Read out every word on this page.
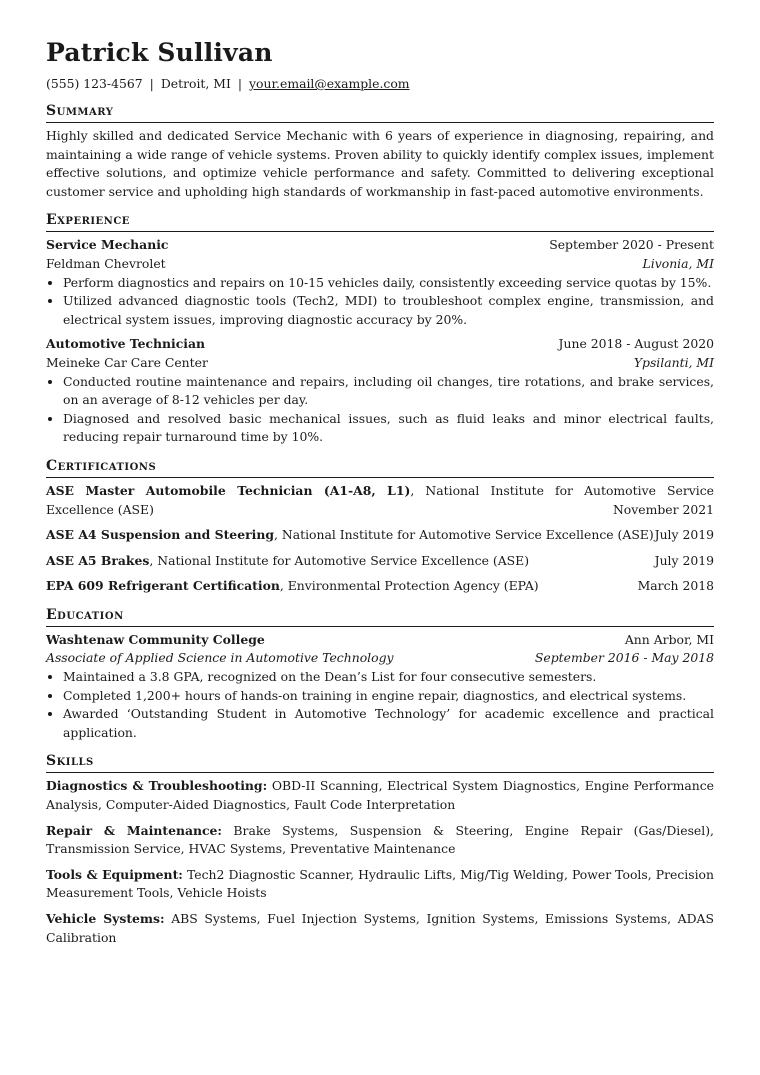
Patrick Sullivan
(555) 123-4567 | Detroit, MI | your.email@example.com
Summary
Highly skilled and dedicated Service Mechanic with 6 years of experience in diagnosing, repairing, and maintaining a wide range of vehicle systems. Proven ability to quickly identify complex issues, implement effective solutions, and optimize vehicle performance and safety. Committed to delivering exceptional customer service and upholding high standards of workmanship in fast-paced automotive environments.
Experience
Service Mechanic	September 2020 - Present
Feldman Chevrolet	Livonia, MI
• Perform diagnostics and repairs on 10-15 vehicles daily, consistently exceeding service quotas by 15%.
• Utilized advanced diagnostic tools (Tech2, MDI) to troubleshoot complex engine, transmission, and electrical system issues, improving diagnostic accuracy by 20%.
Automotive Technician	June 2018 - August 2020
Meineke Car Care Center	Ypsilanti, MI
• Conducted routine maintenance and repairs, including oil changes, tire rotations, and brake services, on an average of 8-12 vehicles per day.
• Diagnosed and resolved basic mechanical issues, such as fluid leaks and minor electrical faults, reducing repair turnaround time by 10%.
Certifications
ASE Master Automobile Technician (A1-A8, L1), National Institute for Automotive Service Excellence (ASE)	November 2021
ASE A4 Suspension and Steering, National Institute for Automotive Service Excellence (ASE) July 2019
ASE A5 Brakes, National Institute for Automotive Service Excellence (ASE)	July 2019
EPA 609 Refrigerant Certification, Environmental Protection Agency (EPA)	March 2018
Education
Washtenaw Community College	Ann Arbor, MI
Associate of Applied Science in Automotive Technology	September 2016 - May 2018
• Maintained a 3.8 GPA, recognized on the Dean’s List for four consecutive semesters.
• Completed 1,200+ hours of hands-on training in engine repair, diagnostics, and electrical systems.
• Awarded ‘Outstanding Student in Automotive Technology’ for academic excellence and practical application.
Skills
Diagnostics & Troubleshooting: OBD-II Scanning, Electrical System Diagnostics, Engine Performance Analysis, Computer-Aided Diagnostics, Fault Code Interpretation
Repair & Maintenance: Brake Systems, Suspension & Steering, Engine Repair (Gas/Diesel), Transmission Service, HVAC Systems, Preventative Maintenance
Tools & Equipment: Tech2 Diagnostic Scanner, Hydraulic Lifts, Mig/Tig Welding, Power Tools, Precision Measurement Tools, Vehicle Hoists
Vehicle Systems: ABS Systems, Fuel Injection Systems, Ignition Systems, Emissions Systems, ADAS Calibration
